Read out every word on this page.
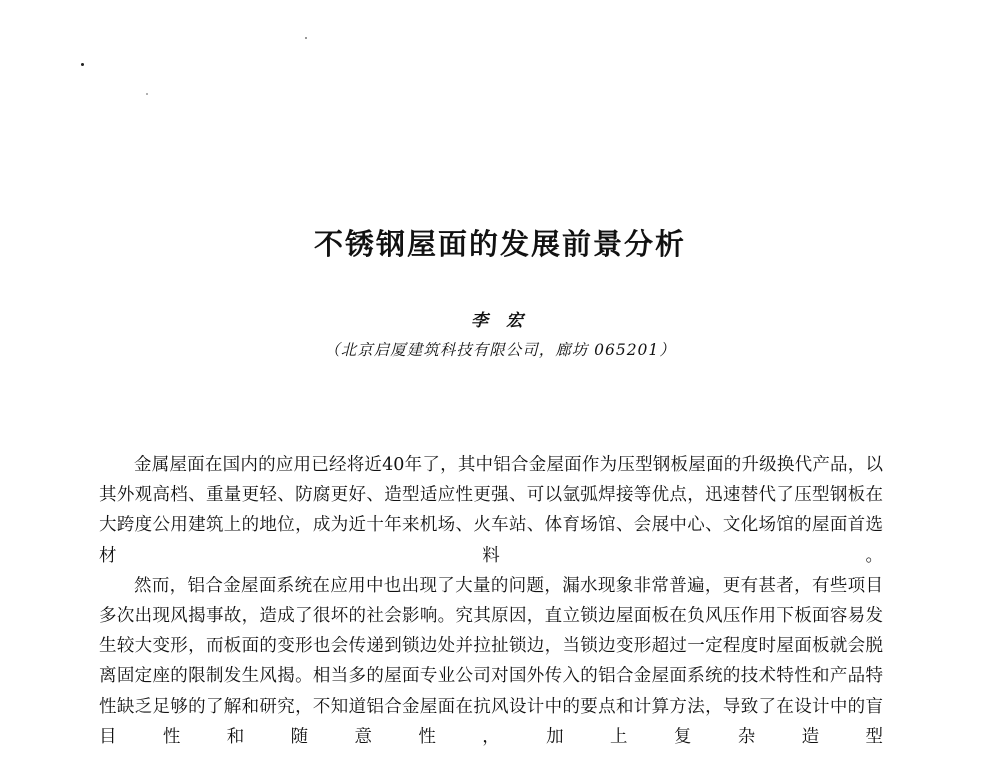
不锈钢屋面的发展前景分析
李 宏
（北京启厦建筑科技有限公司，廊坊 065201）

金属屋面在国内的应用已经将近40年了，其中铝合金屋面作为压型钢板屋面的升级换代产品，以其外观高档、重量更轻、防腐更好、造型适应性更强、可以氩弧焊接等优点，迅速替代了压型钢板在大跨度公用建筑上的地位，成为近十年来机场、火车站、体育场馆、会展中心、文化场馆的屋面首选材料。

然而，铝合金屋面系统在应用中也出现了大量的问题，漏水现象非常普遍，更有甚者，有些项目多次出现风揭事故，造成了很坏的社会影响。究其原因，直立锁边屋面板在负风压作用下板面容易发生较大变形，而板面的变形也会传递到锁边处并拉扯锁边，当锁边变形超过一定程度时屋面板就会脱离固定座的限制发生风揭。相当多的屋面专业公司对国外传入的铝合金屋面系统的技术特性和产品特性缺乏足够的了解和研究，不知道铝合金屋面在抗风设计中的要点和计算方法，导致了在设计中的盲目性和随意性，加上复杂造型
